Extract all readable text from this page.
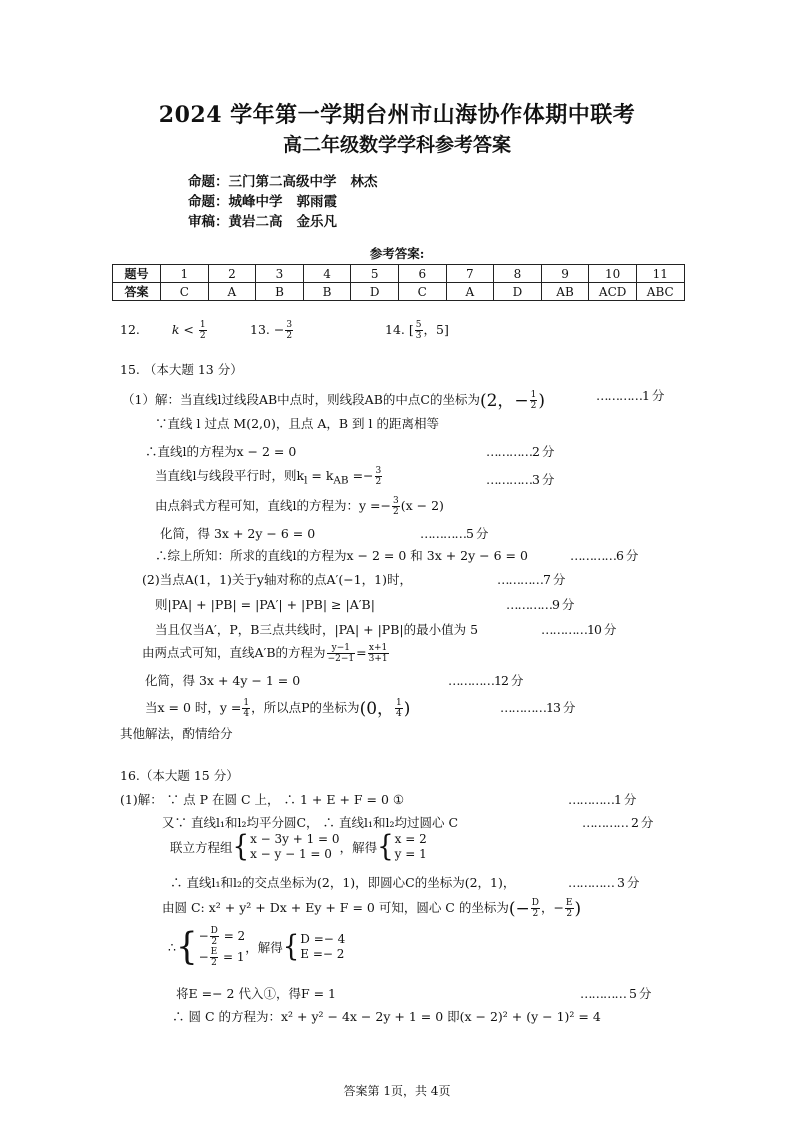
2024 学年第一学期台州市山海协作体期中联考
高二年级数学学科参考答案
命题：三门第二高级中学 林杰
命题：城峰中学 郭雨霞
审稿：黄岩二高 金乐凡
参考答案:
题号	1	2	3	4	5	6	7	8	9	10	11
答案	C	A	B	B	D	C	A	D	AB	ACD	ABC
12.	$k < \frac{1}{2}$	13. − $\frac{3}{2}$	14. [ $\frac{5}{3}$ ，5]
15. （本大题 13 分）
（1）解：当直线l过线段AB中点时，则线段AB的中点C的坐标为(2，− $\frac{1}{2}$ )	…………1 分
∵直线 l 过点 M(2,0)，且点 A，B 到 l 的距离相等
∴直线l的方程为x − 2 = 0	…………2 分
当直线l与线段平行时，则$k_l = k_{AB} =- \frac{3}{2}$	…………3 分
由点斜式方程可知，直线l的方程为：$y =- \frac{3}{2} (x - 2)$
化简，得 3x + 2y − 6 = 0	…………5 分
∴综上所知：所求的直线l的方程为x − 2 = 0 和 3x + 2y − 6 = 0	…………6 分
(2)当点A(1，1)关于y轴对称的点A′(−1，1)时，	…………7 分
则|PA| + |PB| = |PA′| + |PB| ≥ |A′B|	…………9 分
当且仅当A′，P，B三点共线时，|PA| + |PB|的最小值为 5	…………10 分
由两点式可知，直线A′B的方程为 $\frac{y-1}{-2-1} = \frac{x+1}{3+1}$
化简，得 3x + 4y − 1 = 0	…………12 分
当x = 0 时，$y = \frac{1}{4}$ ，所以点P的坐标为(0， $\frac{1}{4}$ )	…………13 分
其他解法，酌情给分
16.（本大题 15 分）
(1)解： ∵ 点 P 在圆 C 上， ∴ 1 + E + F = 0 ①	…………1 分
又∵ 直线l₁和l₂均平分圆C， ∴ 直线l₁和l₂均过圆心 C	………… 2 分
联立方程组{ x − 3y + 1 = 0
x − y − 1 = 0 ，解得{ x = 2
y = 1
∴ 直线l₁和l₂的交点坐标为(2，1)，即圆心C的坐标为(2，1)，	………… 3 分
由圆 C: x² + y² + Dx + Ey + F = 0 可知，圆心 C 的坐标为(− $\frac{D}{2}$ ，− $\frac{E}{2}$ )
∴{ − $\frac{D}{2} = 2$
− $\frac{E}{2} = 1$
，解得{ D =− 4
E =− 2
将E =− 2 代入①，得F = 1	………… 5 分
∴ 圆 C 的方程为：x² + y² − 4x − 2y + 1 = 0 即(x − 2)² + (y − 1)² = 4
答案第 1页，共 4页
